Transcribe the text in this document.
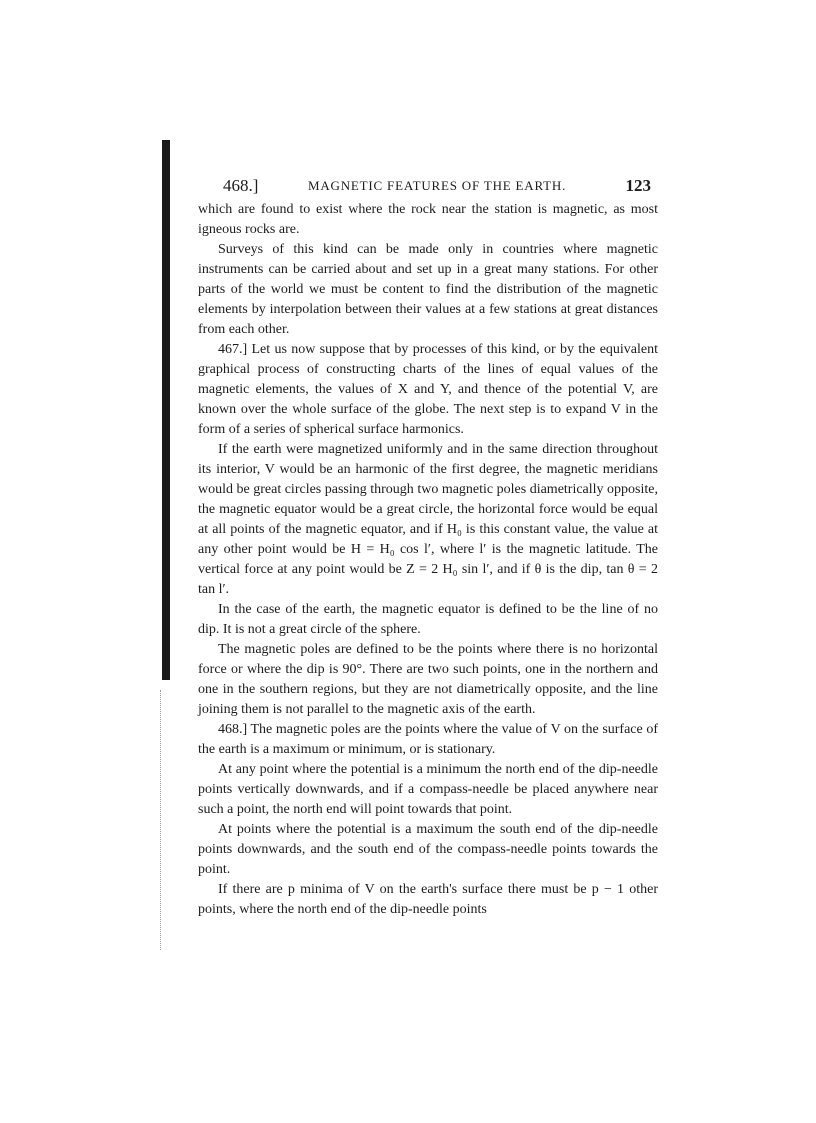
468.]	MAGNETIC FEATURES OF THE EARTH.	123

which are found to exist where the rock near the station is magnetic, as most igneous rocks are.

Surveys of this kind can be made only in countries where magnetic instruments can be carried about and set up in a great many stations. For other parts of the world we must be content to find the distribution of the magnetic elements by interpolation between their values at a few stations at great distances from each other.

467.] Let us now suppose that by processes of this kind, or by the equivalent graphical process of constructing charts of the lines of equal values of the magnetic elements, the values of X and Y, and thence of the potential V, are known over the whole surface of the globe. The next step is to expand V in the form of a series of spherical surface harmonics.

If the earth were magnetized uniformly and in the same direction throughout its interior, V would be an harmonic of the first degree, the magnetic meridians would be great circles passing through two magnetic poles diametrically opposite, the magnetic equator would be a great circle, the horizontal force would be equal at all points of the magnetic equator, and if H₀ is this constant value, the value at any other point would be H = H₀ cos l′, where l′ is the magnetic latitude. The vertical force at any point would be Z = 2 H₀ sin l′, and if θ is the dip, tan θ = 2 tan l′.

In the case of the earth, the magnetic equator is defined to be the line of no dip. It is not a great circle of the sphere.

The magnetic poles are defined to be the points where there is no horizontal force or where the dip is 90°. There are two such points, one in the northern and one in the southern regions, but they are not diametrically opposite, and the line joining them is not parallel to the magnetic axis of the earth.

468.] The magnetic poles are the points where the value of V on the surface of the earth is a maximum or minimum, or is stationary.

At any point where the potential is a minimum the north end of the dip-needle points vertically downwards, and if a compass-needle be placed anywhere near such a point, the north end will point towards that point.

At points where the potential is a maximum the south end of the dip-needle points downwards, and the south end of the compass-needle points towards the point.

If there are p minima of V on the earth's surface there must be p − 1 other points, where the north end of the dip-needle points
